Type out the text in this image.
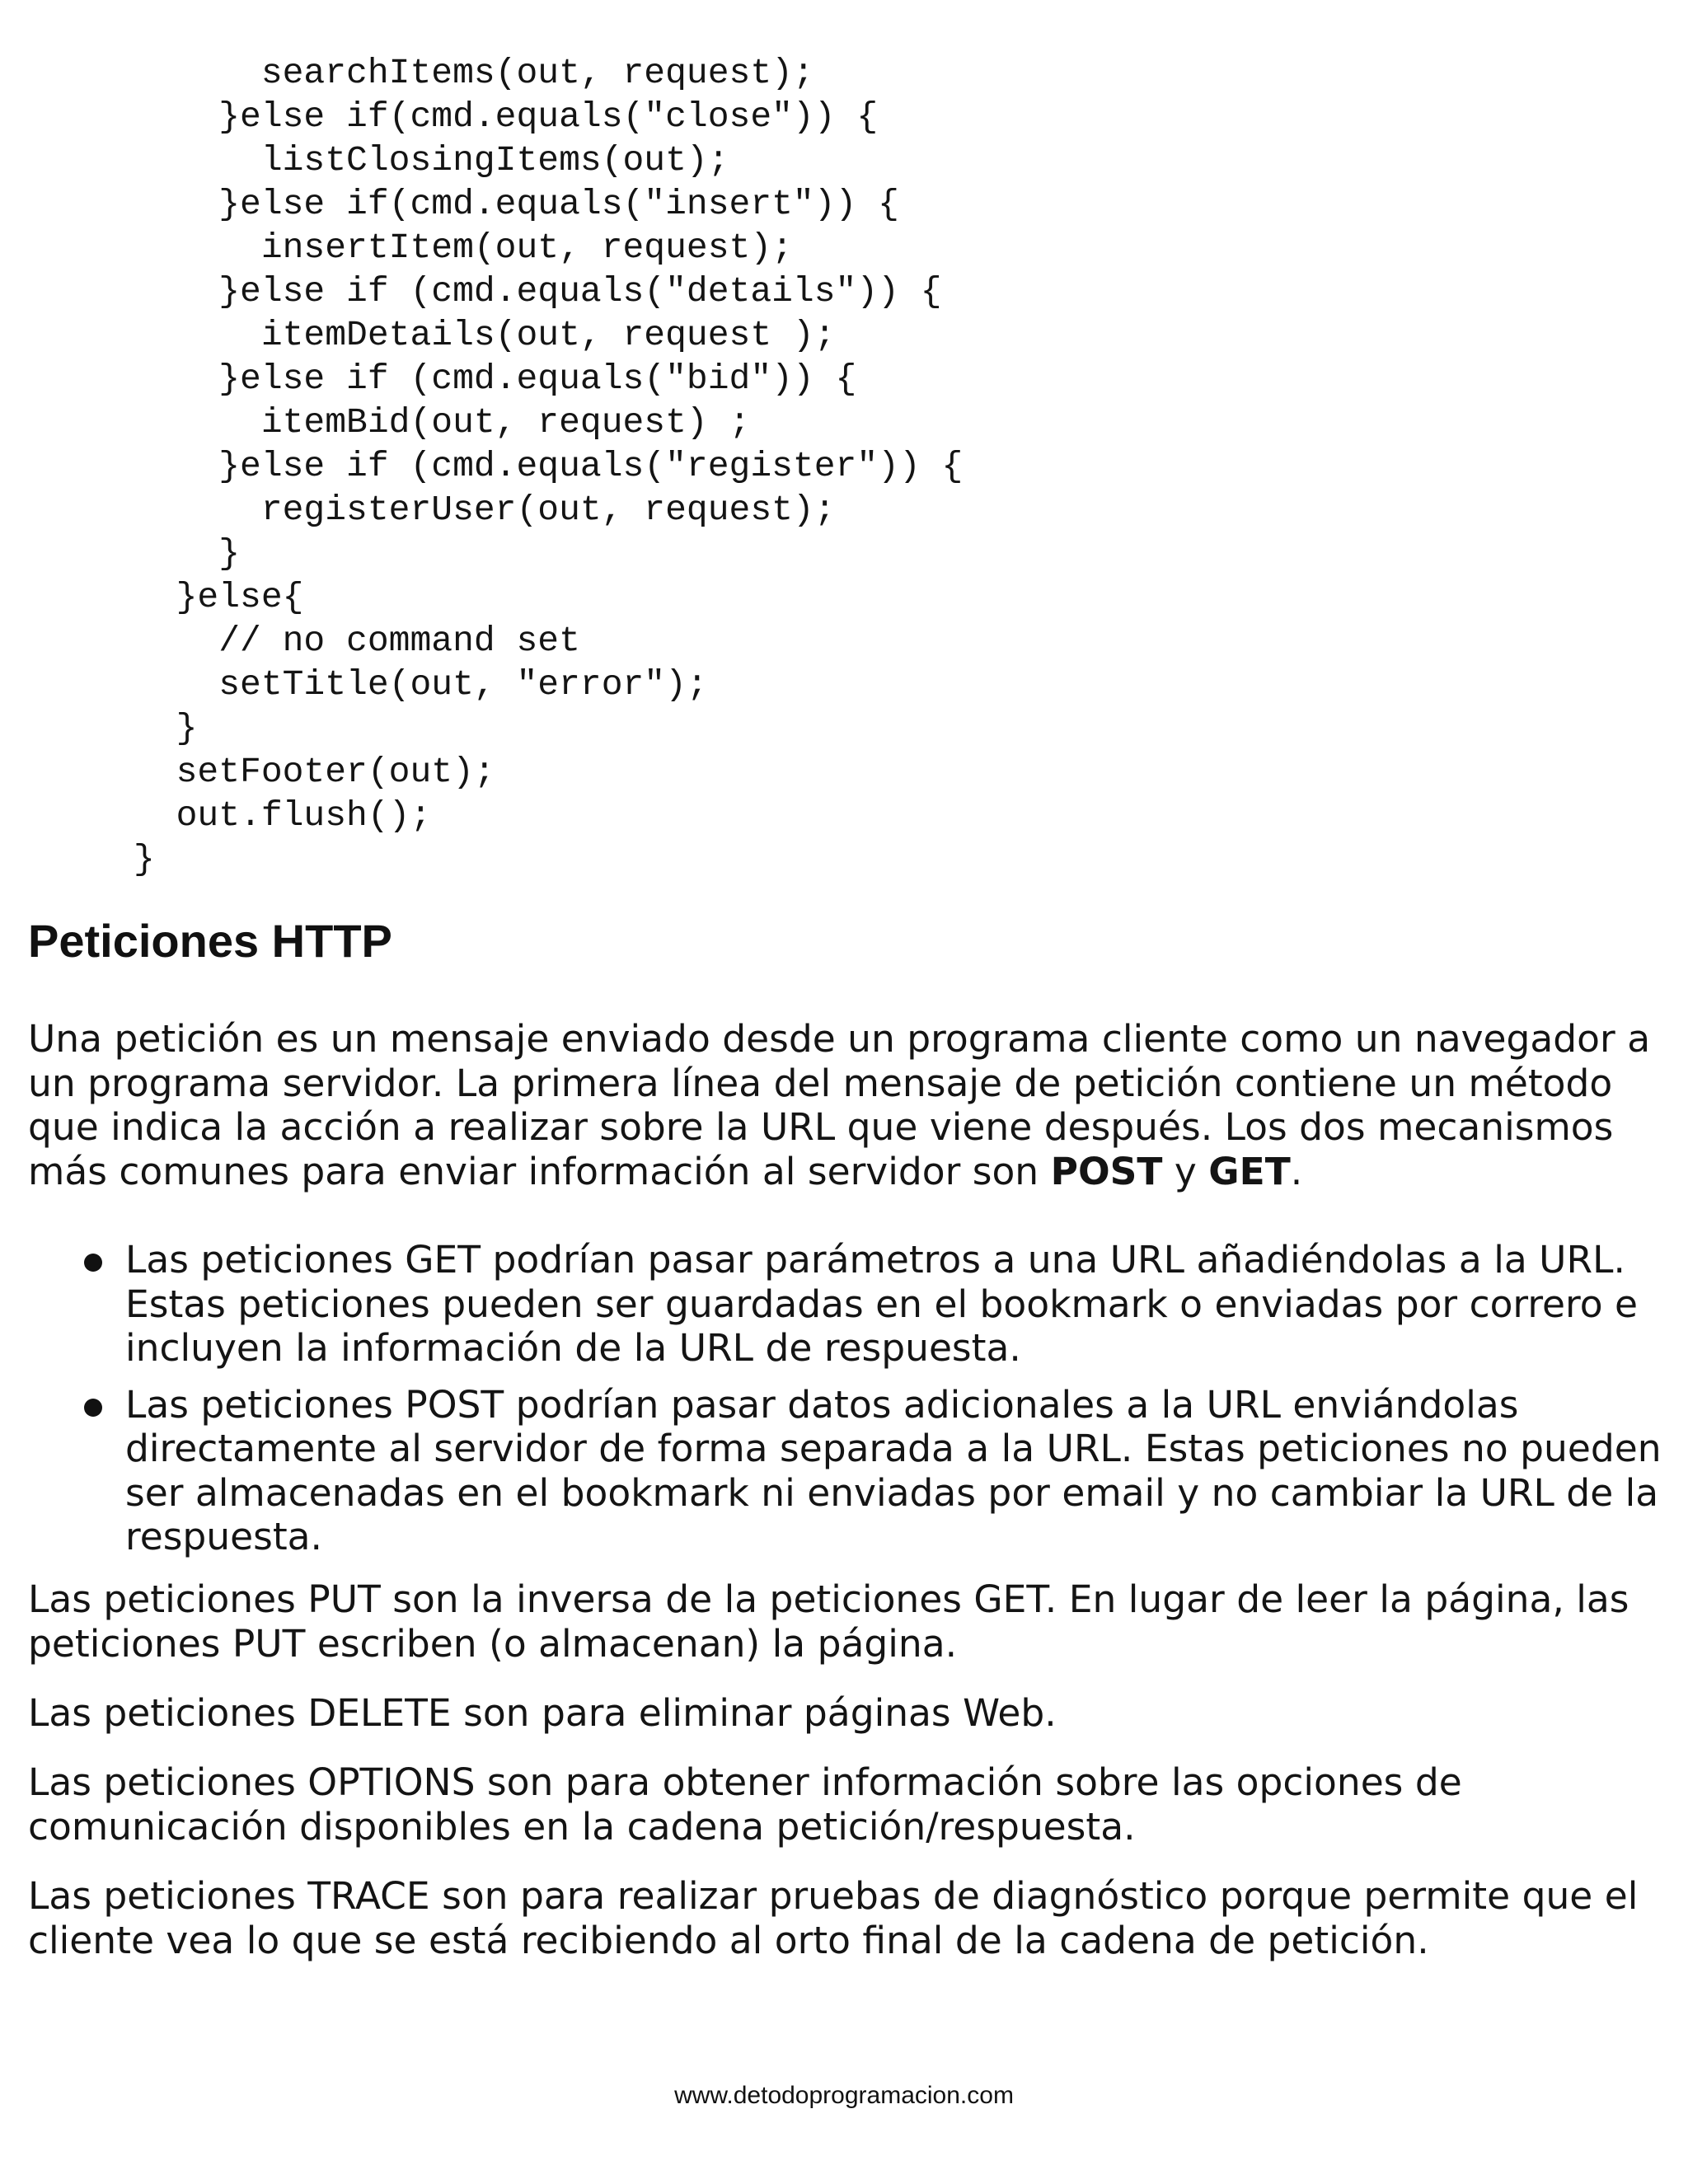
searchItems(out, request);
}else if(cmd.equals("close")) {
listClosingItems(out);
}else if(cmd.equals("insert")) {
insertItem(out, request);
}else if (cmd.equals("details")) {
itemDetails(out, request );
}else if (cmd.equals("bid")) {
itemBid(out, request) ;
}else if (cmd.equals("register")) {
registerUser(out, request);
}
}else{
// no command set
setTitle(out, "error");
}
setFooter(out);
out.flush();
}
Peticiones HTTP

Una petición es un mensaje enviado desde un programa cliente como un navegador a un programa servidor. La primera línea del mensaje de petición contiene un método que indica la acción a realizar sobre la URL que viene después. Los dos mecanismos más comunes para enviar información al servidor son POST y GET.

Las peticiones GET podrían pasar parámetros a una URL añadiéndolas a la URL. Estas peticiones pueden ser guardadas en el bookmark o enviadas por correro e incluyen la información de la URL de respuesta.
Las peticiones POST podrían pasar datos adicionales a la URL enviándolas directamente al servidor de forma separada a la URL. Estas peticiones no pueden ser almacenadas en el bookmark ni enviadas por email y no cambiar la URL de la respuesta.

Las peticiones PUT son la inversa de la peticiones GET. En lugar de leer la página, las peticiones PUT escriben (o almacenan) la página.

Las peticiones DELETE son para eliminar páginas Web.

Las peticiones OPTIONS son para obtener información sobre las opciones de comunicación disponibles en la cadena petición/respuesta.

Las peticiones TRACE son para realizar pruebas de diagnóstico porque permite que el cliente vea lo que se está recibiendo al orto final de la cadena de petición.

www.detodoprogramacion.com
